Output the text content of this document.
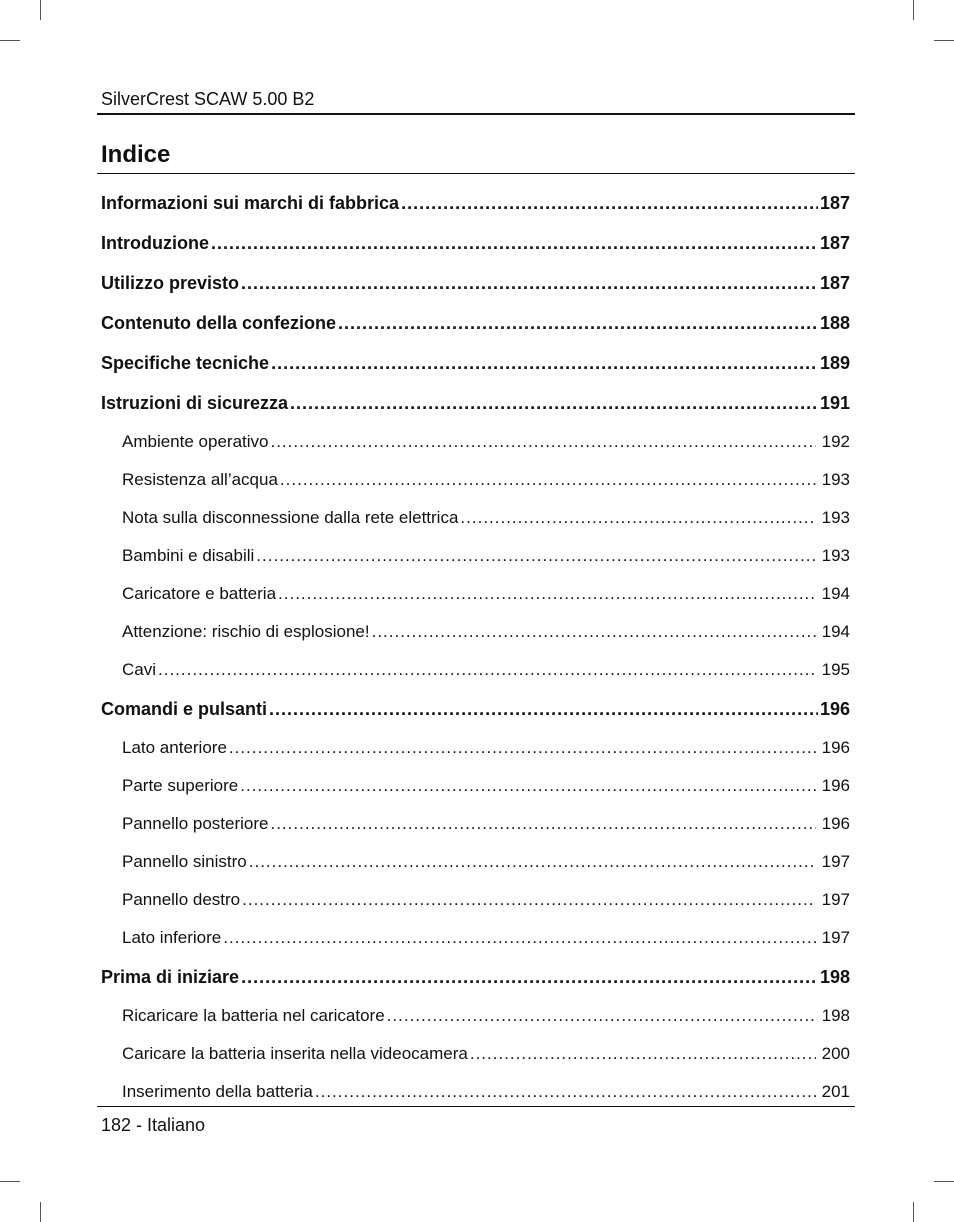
SilverCrest SCAW 5.00 B2
Indice
Informazioni sui marchi di fabbrica .....	187
Introduzione .....	187
Utilizzo previsto .....	187
Contenuto della confezione .....	188
Specifiche tecniche .....	189
Istruzioni di sicurezza .....	191
Ambiente operativo .....	192
Resistenza all’acqua .....	193
Nota sulla disconnessione dalla rete elettrica .....	193
Bambini e disabili .....	193
Caricatore e batteria .....	194
Attenzione: rischio di esplosione! .....	194
Cavi .....	195
Comandi e pulsanti .....	196
Lato anteriore .....	196
Parte superiore .....	196
Pannello posteriore .....	196
Pannello sinistro .....	197
Pannello destro .....	197
Lato inferiore .....	197
Prima di iniziare .....	198
Ricaricare la batteria nel caricatore .....	198
Caricare la batteria inserita nella videocamera .....	200
Inserimento della batteria .....	201
182 - Italiano
